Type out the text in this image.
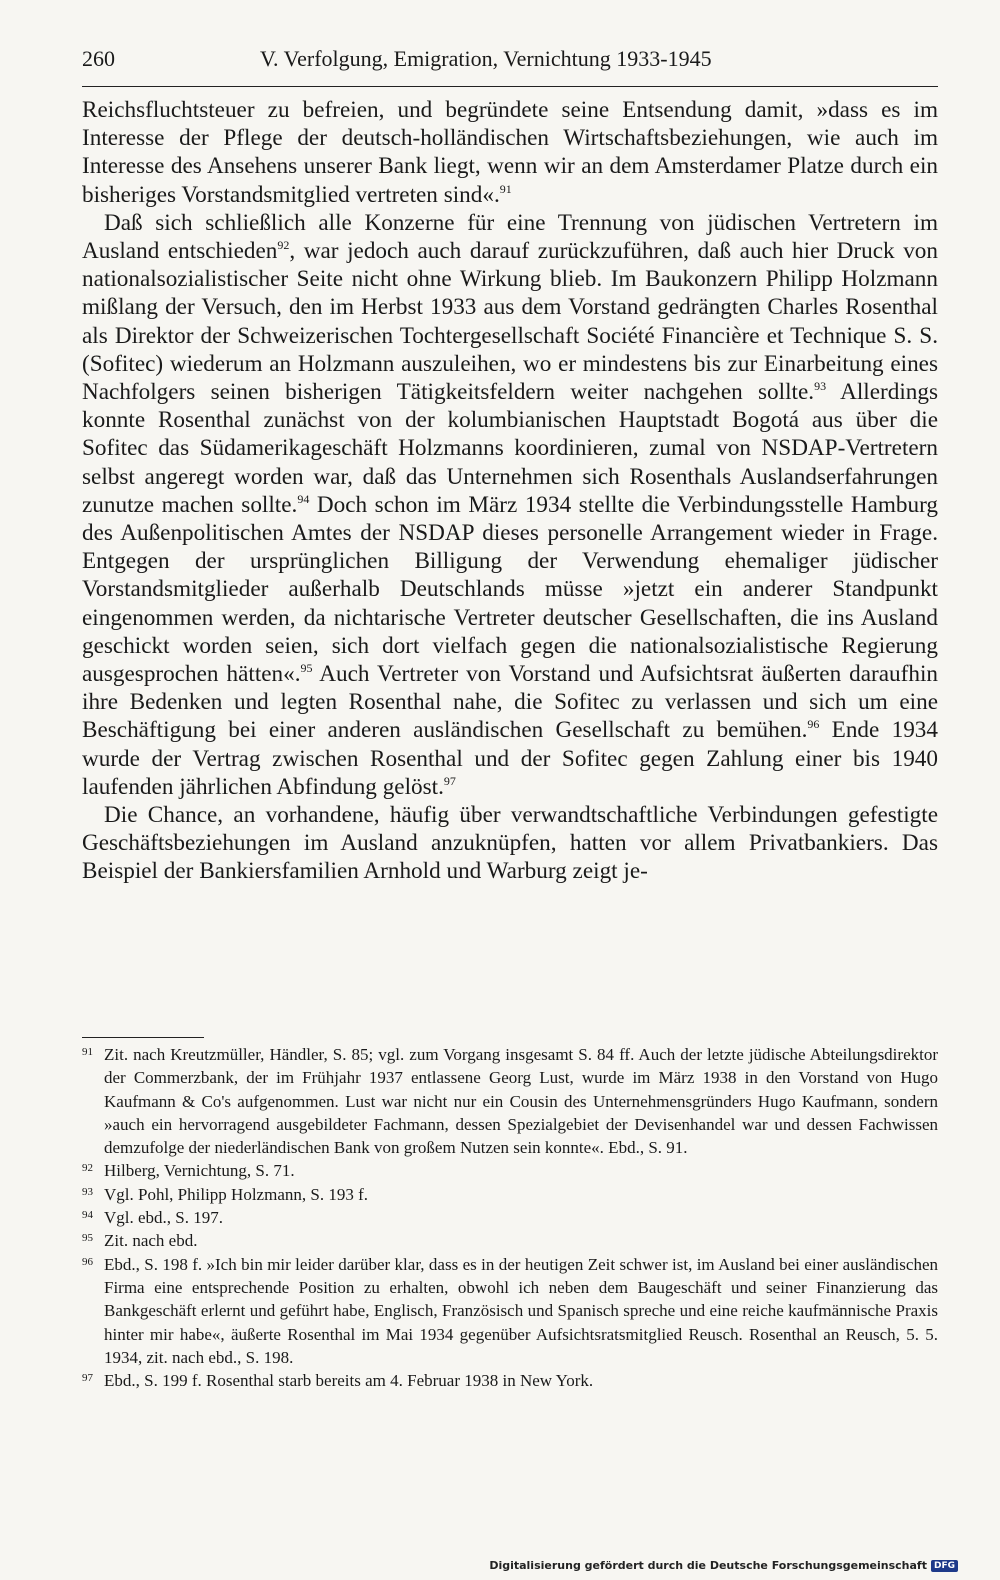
260	V. Verfolgung, Emigration, Vernichtung 1933-1945

Reichsfluchtsteuer zu befreien, und begründete seine Entsendung damit, »dass es im Interesse der Pflege der deutsch-holländischen Wirtschaftsbeziehungen, wie auch im Interesse des Ansehens unserer Bank liegt, wenn wir an dem Amsterdamer Platze durch ein bisheriges Vorstandsmitglied vertreten sind«.$^{91}$

Daß sich schließlich alle Konzerne für eine Trennung von jüdischen Vertretern im Ausland entschieden$^{92}$, war jedoch auch darauf zurückzuführen, daß auch hier Druck von nationalsozialistischer Seite nicht ohne Wirkung blieb. Im Baukonzern Philipp Holzmann mißlang der Versuch, den im Herbst 1933 aus dem Vorstand gedrängten Charles Rosenthal als Direktor der Schweizerischen Tochtergesellschaft Société Financière et Technique S. S. (Sofitec) wiederum an Holzmann auszuleihen, wo er mindestens bis zur Einarbeitung eines Nachfolgers seinen bisherigen Tätigkeitsfeldern weiter nachgehen sollte.$^{93}$ Allerdings konnte Rosenthal zunächst von der kolumbianischen Hauptstadt Bogotá aus über die Sofitec das Südamerikageschäft Holzmanns koordinieren, zumal von NSDAP-Vertretern selbst angeregt worden war, daß das Unternehmen sich Rosenthals Auslandserfahrungen zunutze machen sollte.$^{94}$ Doch schon im März 1934 stellte die Verbindungsstelle Hamburg des Außenpolitischen Amtes der NSDAP dieses personelle Arrangement wieder in Frage. Entgegen der ursprünglichen Billigung der Verwendung ehemaliger jüdischer Vorstandsmitglieder außerhalb Deutschlands müsse »jetzt ein anderer Standpunkt eingenommen werden, da nichtarische Vertreter deutscher Gesellschaften, die ins Ausland geschickt worden seien, sich dort vielfach gegen die nationalsozialistische Regierung ausgesprochen hätten«.$^{95}$ Auch Vertreter von Vorstand und Aufsichtsrat äußerten daraufhin ihre Bedenken und legten Rosenthal nahe, die Sofitec zu verlassen und sich um eine Beschäftigung bei einer anderen ausländischen Gesellschaft zu bemühen.$^{96}$ Ende 1934 wurde der Vertrag zwischen Rosenthal und der Sofitec gegen Zahlung einer bis 1940 laufenden jährlichen Abfindung gelöst.$^{97}$

Die Chance, an vorhandene, häufig über verwandtschaftliche Verbindungen gefestigte Geschäftsbeziehungen im Ausland anzuknüpfen, hatten vor allem Privatbankiers. Das Beispiel der Bankiersfamilien Arnhold und Warburg zeigt je-

91 Zit. nach Kreutzmüller, Händler, S. 85; vgl. zum Vorgang insgesamt S. 84 ff. Auch der letzte jüdische Abteilungsdirektor der Commerzbank, der im Frühjahr 1937 entlassene Georg Lust, wurde im März 1938 in den Vorstand von Hugo Kaufmann & Co's aufgenommen. Lust war nicht nur ein Cousin des Unternehmensgründers Hugo Kaufmann, sondern »auch ein hervorragend ausgebildeter Fachmann, dessen Spezialgebiet der Devisenhandel war und dessen Fachwissen demzufolge der niederländischen Bank von großem Nutzen sein konnte«. Ebd., S. 91.
92 Hilberg, Vernichtung, S. 71.
93 Vgl. Pohl, Philipp Holzmann, S. 193 f.
94 Vgl. ebd., S. 197.
95 Zit. nach ebd.
96 Ebd., S. 198 f. »Ich bin mir leider darüber klar, dass es in der heutigen Zeit schwer ist, im Ausland bei einer ausländischen Firma eine entsprechende Position zu erhalten, obwohl ich neben dem Baugeschäft und seiner Finanzierung das Bankgeschäft erlernt und geführt habe, Englisch, Französisch und Spanisch spreche und eine reiche kaufmännische Praxis hinter mir habe«, äußerte Rosenthal im Mai 1934 gegenüber Aufsichtsratsmitglied Reusch. Rosenthal an Reusch, 5. 5. 1934, zit. nach ebd., S. 198.
97 Ebd., S. 199 f. Rosenthal starb bereits am 4. Februar 1938 in New York.
Digitalisierung gefördert durch die Deutsche Forschungsgemeinschaft DFG
